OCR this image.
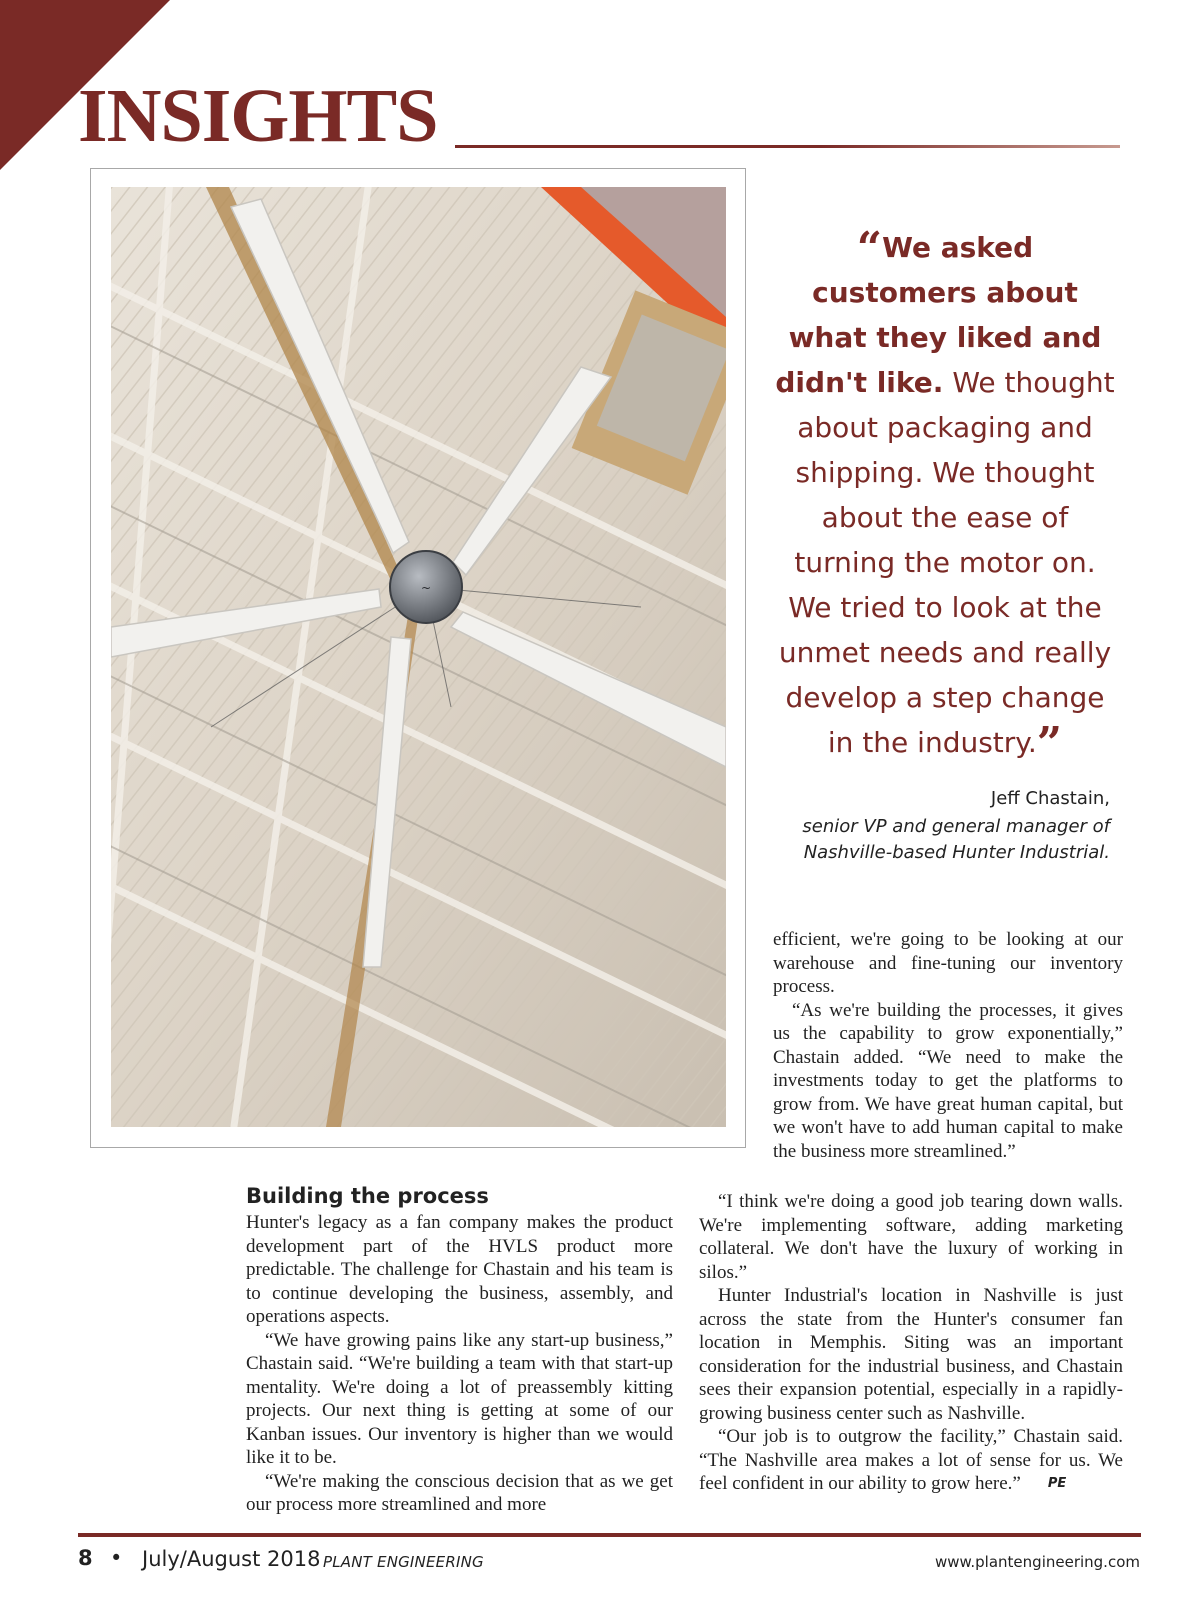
INSIGHTS
~
“We asked customers about what they liked and didn't like. We thought about packaging and shipping. We thought about the ease of turning the motor on. We tried to look at the unmet needs and really develop a step change in the industry.”
Jeff Chastain,
senior VP and general manager of
Nashville-based Hunter Industrial.

efficient, we're going to be looking at our warehouse and fine-tuning our inventory process.

“As we're building the processes, it gives us the capability to grow exponentially,” Chastain added. “We need to make the investments today to get the platforms to grow from. We have great human capital, but we won't have to add human capital to make the business more streamlined.”

Building the process

Hunter's legacy as a fan company makes the product development part of the HVLS product more predictable. The challenge for Chastain and his team is to continue developing the business, assembly, and operations aspects.

“We have growing pains like any start-up business,” Chastain said. “We're building a team with that start-up mentality. We're doing a lot of preassembly kitting projects. Our next thing is getting at some of our Kanban issues. Our inventory is higher than we would like it to be.

“We're making the conscious decision that as we get our process more streamlined and more

“I think we're doing a good job tearing down walls. We're implementing software, adding marketing collateral. We don't have the luxury of working in silos.”

Hunter Industrial's location in Nashville is just across the state from the Hunter's consumer fan location in Memphis. Siting was an important consideration for the industrial business, and Chastain sees their expansion potential, especially in a rapidly-growing business center such as Nashville.

“Our job is to outgrow the facility,” Chastain said. “The Nashville area makes a lot of sense for us. We feel confident in our ability to grow here.” PE

8 • July/August 2018 PLANT ENGINEERING	www.plantengineering.com
